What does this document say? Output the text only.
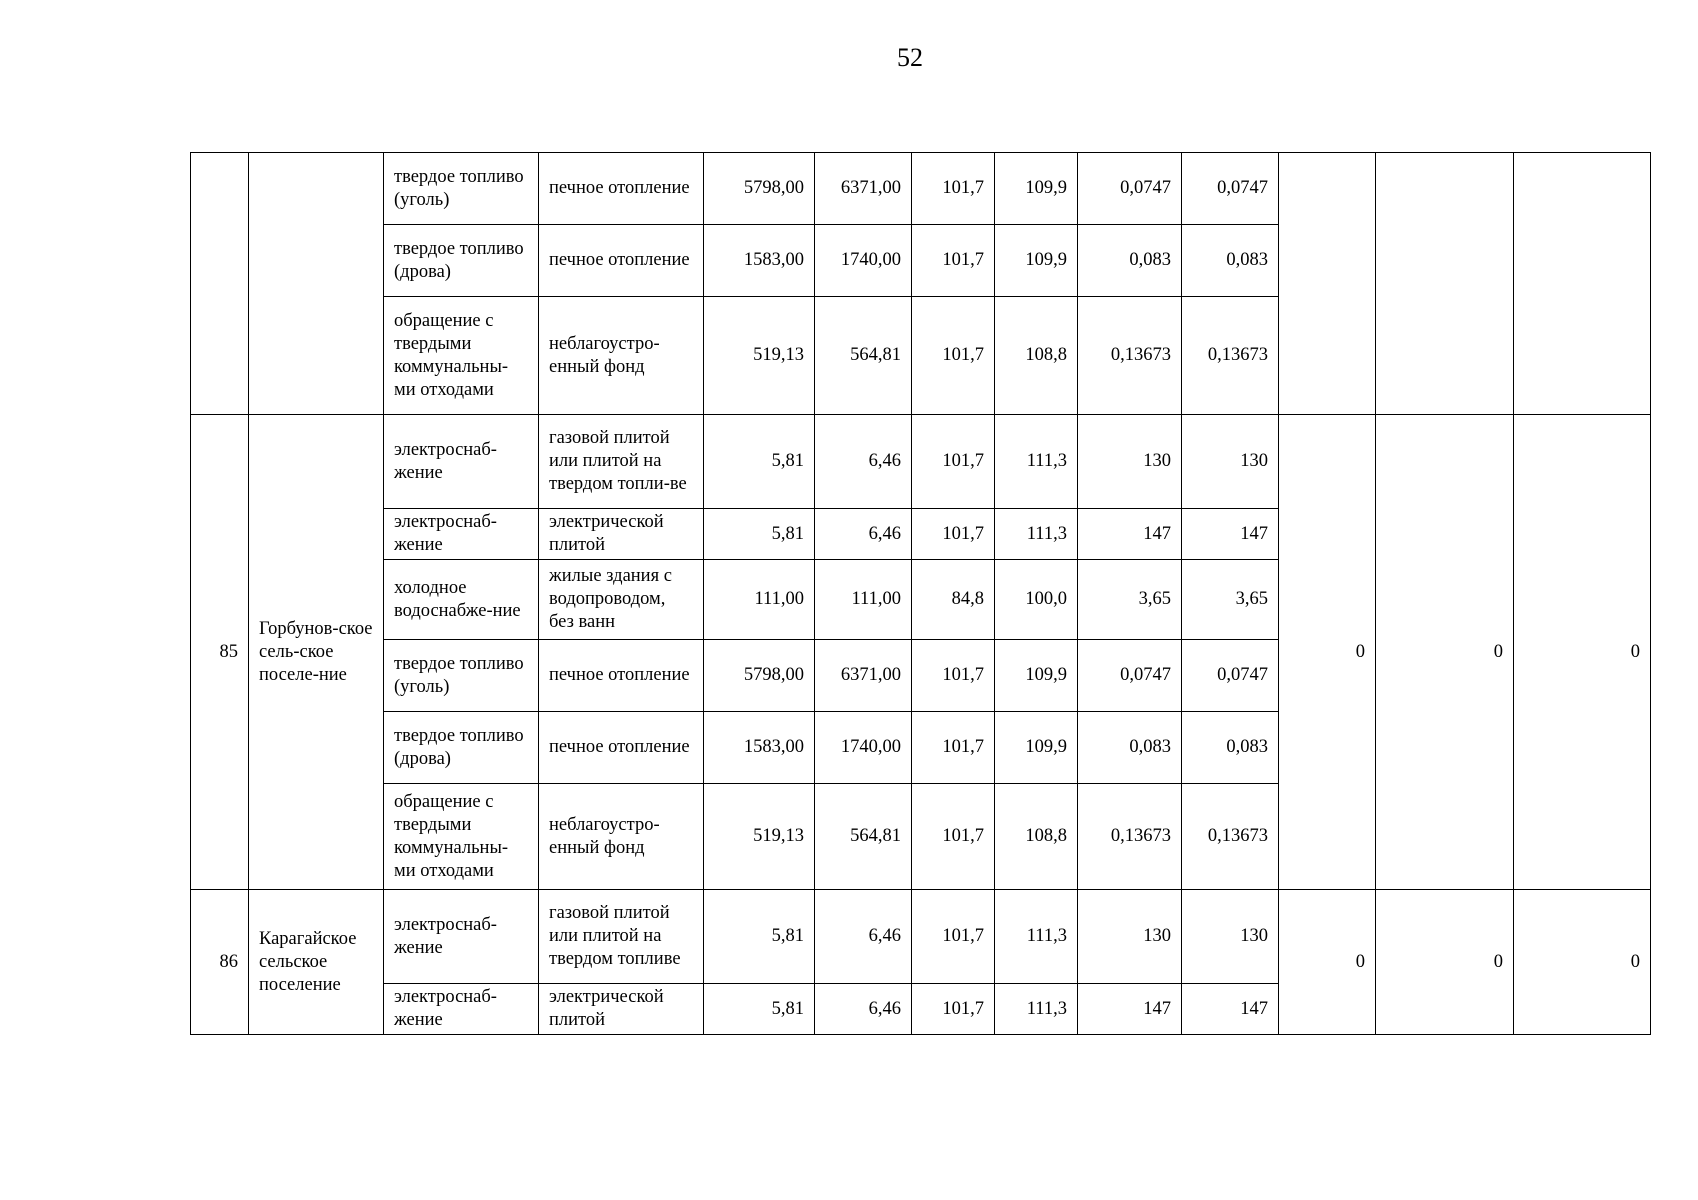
52
		твердое топливо (уголь)	печное отопление	5798,00	6371,00	101,7	109,9	0,0747	0,0747			
		твердое топливо (дрова)	печное отопление	1583,00	1740,00	101,7	109,9	0,083	0,083			
		обращение с твердыми коммунальны-ми отходами	неблагоустро-енный фонд	519,13	564,81	101,7	108,8	0,13673	0,13673			
85	Горбунов-ское сель-ское поселе-ние	электроснаб-жение	газовой плитой или плитой на твердом топли-ве	5,81	6,46	101,7	111,3	130	130	0	0	0
		электроснаб-жение	электрической плитой	5,81	6,46	101,7	111,3	147	147			
		холодное водоснабже-ние	жилые здания с водопроводом, без ванн	111,00	111,00	84,8	100,0	3,65	3,65			
		твердое топливо (уголь)	печное отопление	5798,00	6371,00	101,7	109,9	0,0747	0,0747			
		твердое топливо (дрова)	печное отопление	1583,00	1740,00	101,7	109,9	0,083	0,083			
		обращение с твердыми коммунальны-ми отходами	неблагоустро-енный фонд	519,13	564,81	101,7	108,8	0,13673	0,13673			
86	Карагайское сельское поселение	электроснаб-жение	газовой плитой или плитой на твердом топливе	5,81	6,46	101,7	111,3	130	130	0	0	0
		электроснаб-жение	электрической плитой	5,81	6,46	101,7	111,3	147	147			
